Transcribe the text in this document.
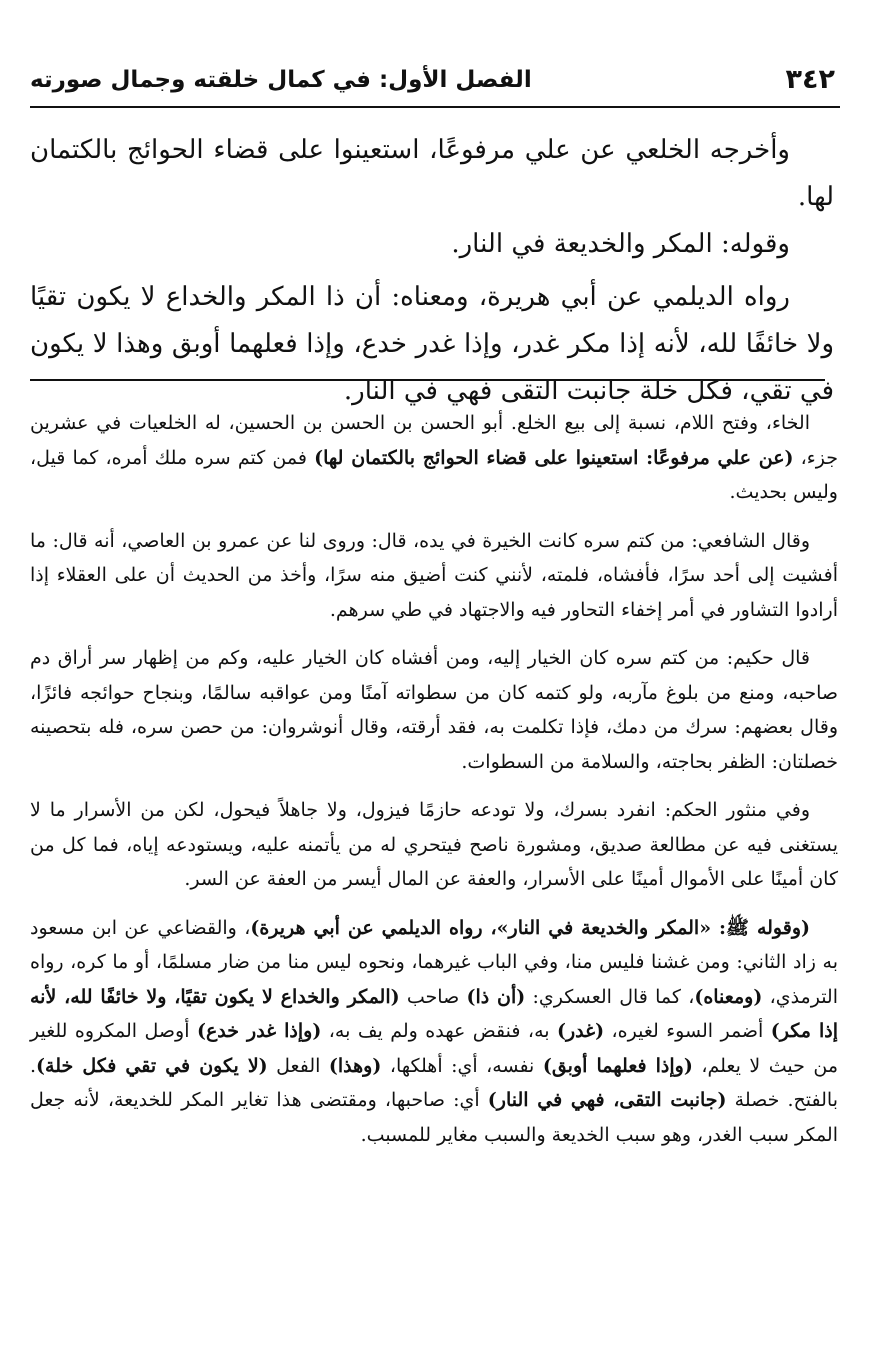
٣٤٢
الفصل الأول: في كمال خلقته وجمال صورته

وأخرجه الخلعي عن علي مرفوعًا، استعينوا على قضاء الحوائج بالكتمان لها.

وقوله: المكر والخديعة في النار.

رواه الديلمي عن أبي هريرة، ومعناه: أن ذا المكر والخداع لا يكون تقيًا ولا خائفًا لله، لأنه إذا مكر غدر، وإذا غدر خدع، وإذا فعلهما أوبق وهذا لا يكون في تقي، فكل خلة جانبت التقى فهي في النار.

الخاء، وفتح اللام، نسبة إلى بيع الخلع. أبو الحسن بن الحسن بن الحسين، له الخلعيات في عشرين جزء، (عن علي مرفوعًا: استعينوا على قضاء الحوائج بالكتمان لها) فمن كتم سره ملك أمره، كما قيل، وليس بحديث.

وقال الشافعي: من كتم سره كانت الخيرة في يده، قال: وروى لنا عن عمرو بن العاصي، أنه قال: ما أفشيت إلى أحد سرًا، فأفشاه، فلمته، لأنني كنت أضيق منه سرًا، وأخذ من الحديث أن على العقلاء إذا أرادوا التشاور في أمر إخفاء التحاور فيه والاجتهاد في طي سرهم.

قال حكيم: من كتم سره كان الخيار إليه، ومن أفشاه كان الخيار عليه، وكم من إظهار سر أراق دم صاحبه، ومنع من بلوغ مآربه، ولو كتمه كان من سطواته آمنًا ومن عواقبه سالمًا، وبنجاح حوائجه فائزًا، وقال بعضهم: سرك من دمك، فإذا تكلمت به، فقد أرقته، وقال أنوشروان: من حصن سره، فله بتحصينه خصلتان: الظفر بحاجته، والسلامة من السطوات.

وفي منثور الحكم: انفرد بسرك، ولا تودعه حازمًا فيزول، ولا جاهلاً فيحول، لكن من الأسرار ما لا يستغنى فيه عن مطالعة صديق، ومشورة ناصح فيتحري له من يأتمنه عليه، ويستودعه إياه، فما كل من كان أمينًا على الأموال أمينًا على الأسرار، والعفة عن المال أيسر من العفة عن السر.

(وقوله ﷺ: «المكر والخديعة في النار»، رواه الديلمي عن أبي هريرة)، والقضاعي عن ابن مسعود به زاد الثاني: ومن غشنا فليس منا، وفي الباب غيرهما، ونحوه ليس منا من ضار مسلمًا، أو ما كره، رواه الترمذي، (ومعناه)، كما قال العسكري: (أن ذا) صاحب (المكر والخداع لا يكون تقيًا، ولا خائفًا لله، لأنه إذا مكر) أضمر السوء لغيره، (غدر) به، فنقض عهده ولم يف به، (وإذا غدر خدع) أوصل المكروه للغير من حيث لا يعلم، (وإذا فعلهما أوبق) نفسه، أي: أهلكها، (وهذا) الفعل (لا يكون في تقي فكل خلة). بالفتح. خصلة (جانبت التقى، فهي في النار) أي: صاحبها، ومقتضى هذا تغاير المكر للخديعة، لأنه جعل المكر سبب الغدر، وهو سبب الخديعة والسبب مغاير للمسبب.
